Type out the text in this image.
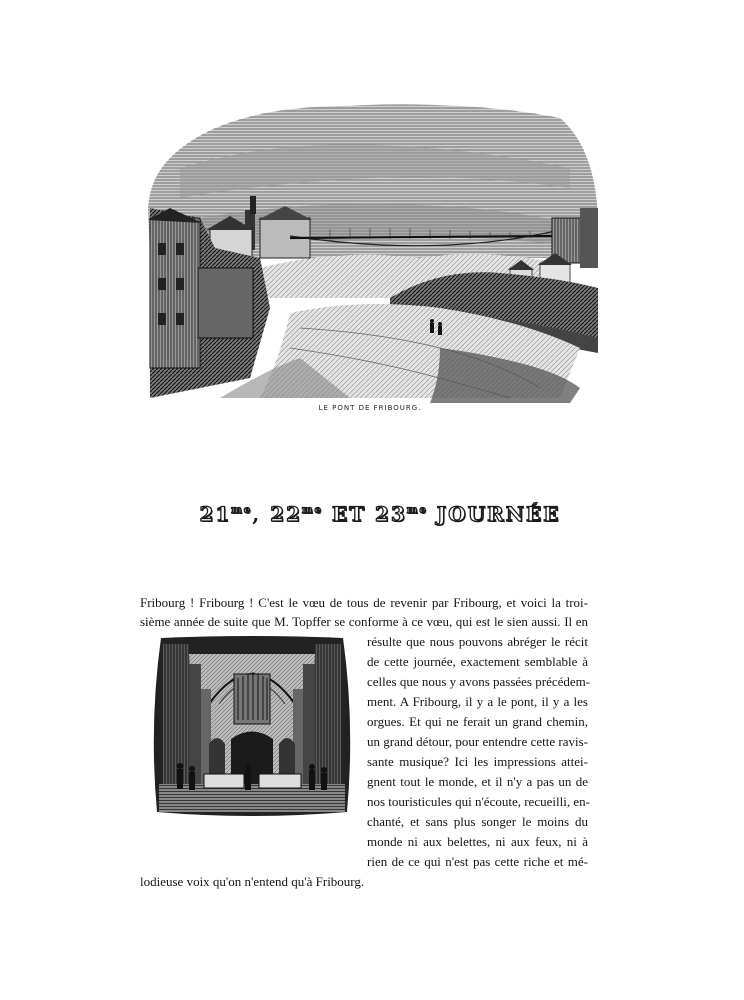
LE PONT DE FRIBOURG.
$21^{me}$, $22^{me}$ ET $23^{me}$ JOURNÉE
Fribourg ! Fribourg ! C'est le vœu de tous de revenir par Fribourg, et voici la troi-
sième année de suite que M. Topffer se conforme à ce vœu, qui est le sien aussi. Il en
résulte que nous pouvons abréger le récit
de cette journée, exactement semblable à
celles que nous y avons passées précédem-
ment. A Fribourg, il y a le pont, il y a les
orgues. Et qui ne ferait un grand chemin,
un grand détour, pour entendre cette ravis-
sante musique? Ici les impressions attei-
gnent tout le monde, et il n'y a pas un de
nos touristicules qui n'écoute, recueilli, en-
chanté, et sans plus songer le moins du
monde ni aux belettes, ni aux feux, ni à
rien de ce qui n'est pas cette riche et mé-
lodieuse voix qu'on n'entend qu'à Fribourg.
